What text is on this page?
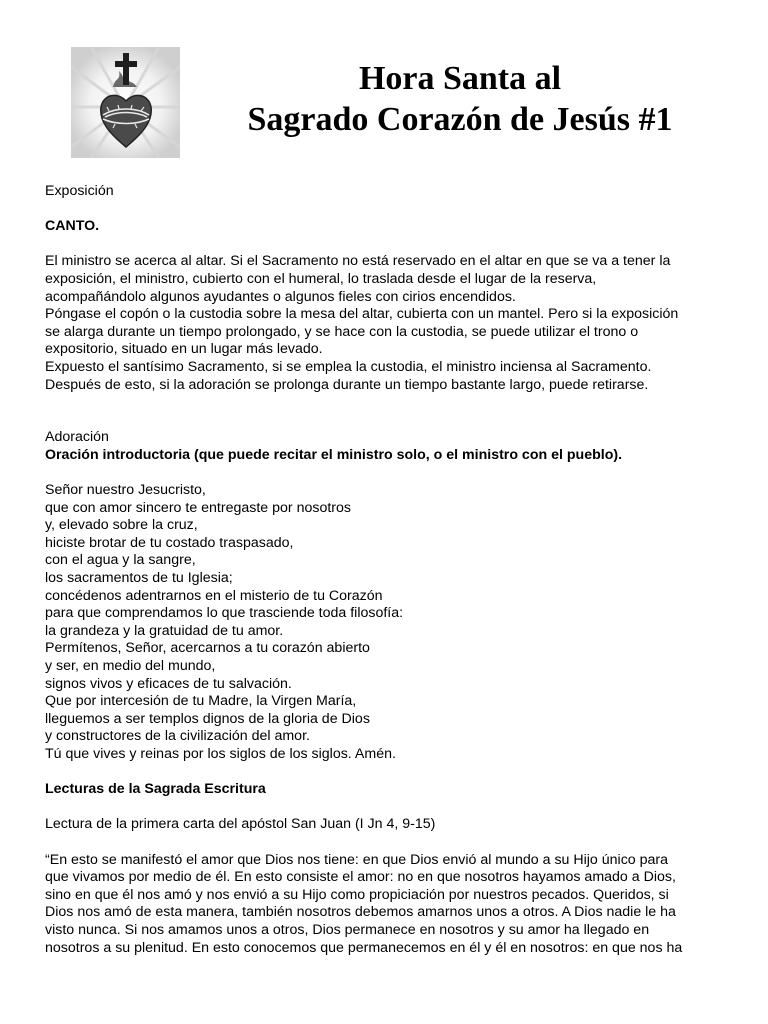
Hora Santa al
Sagrado Corazón de Jesús #1
Exposición
CANTO.
El ministro se acerca al altar. Si el Sacramento no está reservado en el altar en que se va a tener la
exposición, el ministro, cubierto con el humeral, lo traslada desde el lugar de la reserva,
acompañándolo algunos ayudantes o algunos fieles con cirios encendidos.
Póngase el copón o la custodia sobre la mesa del altar, cubierta con un mantel. Pero si la exposición
se alarga durante un tiempo prolongado, y se hace con la custodia, se puede utilizar el trono o
expositorio, situado en un lugar más levado.
Expuesto el santísimo Sacramento, si se emplea la custodia, el ministro inciensa al Sacramento.
Después de esto, si la adoración se prolonga durante un tiempo bastante largo, puede retirarse.
Adoración
Oración introductoria (que puede recitar el ministro solo, o el ministro con el pueblo).
Señor nuestro Jesucristo,
que con amor sincero te entregaste por nosotros
y, elevado sobre la cruz,
hiciste brotar de tu costado traspasado,
con el agua y la sangre,
los sacramentos de tu Iglesia;
concédenos adentrarnos en el misterio de tu Corazón
para que comprendamos lo que trasciende toda filosofía:
la grandeza y la gratuidad de tu amor.
Permítenos, Señor, acercarnos a tu corazón abierto
y ser, en medio del mundo,
signos vivos y eficaces de tu salvación.
Que por intercesión de tu Madre, la Virgen María,
lleguemos a ser templos dignos de la gloria de Dios
y constructores de la civilización del amor.
Tú que vives y reinas por los siglos de los siglos. Amén.
Lecturas de la Sagrada Escritura
Lectura de la primera carta del apóstol San Juan (I Jn 4, 9-15)
“En esto se manifestó el amor que Dios nos tiene: en que Dios envió al mundo a su Hijo único para
que vivamos por medio de él. En esto consiste el amor: no en que nosotros hayamos amado a Dios,
sino en que él nos amó y nos envió a su Hijo como propiciación por nuestros pecados. Queridos, si
Dios nos amó de esta manera, también nosotros debemos amarnos unos a otros. A Dios nadie le ha
visto nunca. Si nos amamos unos a otros, Dios permanece en nosotros y su amor ha llegado en
nosotros a su plenitud. En esto conocemos que permanecemos en él y él en nosotros: en que nos ha
